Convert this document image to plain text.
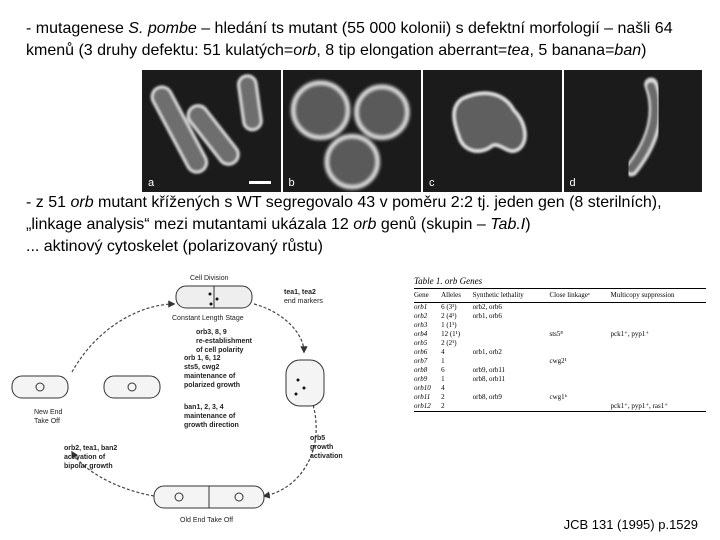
- mutagenese S. pombe – hledání ts mutant (55 000 kolonii) s defektní morfologií – našli 64 kmenů (3 druhy defektu: 51 kulatých=orb, 8 tip elongation aberrant=tea, 5 banana=ban)

a	b	c	d

- z 51 orb mutant křížených s WT segregovalo 43 v poměru 2:2 tj. jeden gen (8 sterilních), „linkage analysis“ mezi mutantami ukázala 12 orb genů (skupin – Tab.I)
... aktinový cytoskelet (polarizovaný růstu)

Cell Division
Constant Length Stage
tea1, tea2
end markers
orb3, 8, 9
re-establishment
of cell polarity
orb 1, 6, 12
sts5, cwg2
maintenance of
polarized growth
ban1, 2, 3, 4
maintenance of
growth direction
New End
Take Off
orb2, tea1, ban2
activation of
bipolar growth
orb5
growth
activation
Old End Take Off
Table 1. orb Genes
Gene	Alleles	Synthetic lethality	Close linkageᵃ	Multicopy suppression
orb1	6 (3¹)	orb2, orb6		
orb2	2 (4¹)	orb1, orb6		
orb3	1 (1¹)			
orb4	12 (1¹)		sts5⁸	pck1⁺, pyp1⁺
orb5	2 (2¹)			
orb6	4	orb1, orb2		
orb7	1		cwg2¹	
orb8	6	orb9, orb11		
orb9	1	orb8, orb11		
orb10	4			
orb11	2	orb8, orb9	cwg1ᵇ	
orb12	2			pck1⁺, pyp1⁺, ras1⁺
JCB 131 (1995) p.1529
